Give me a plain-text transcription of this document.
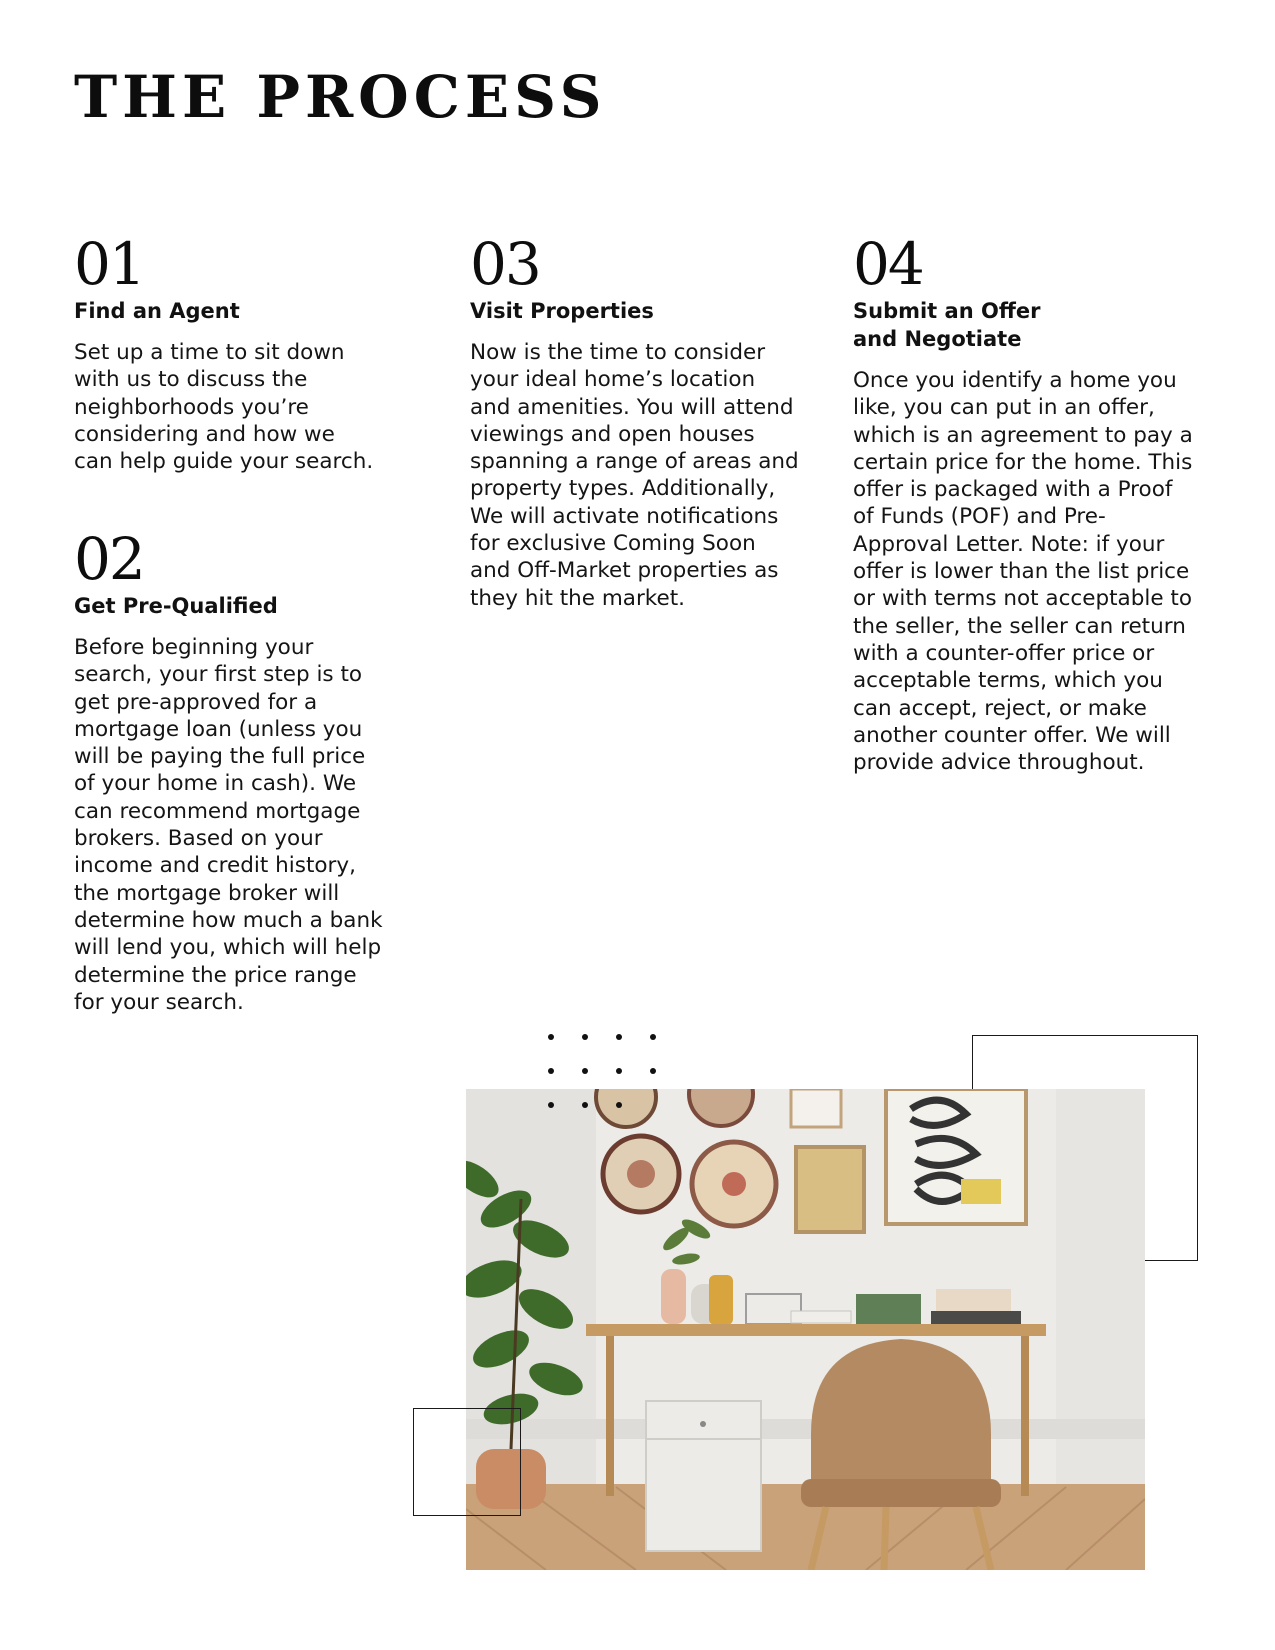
THE PROCESS
01
Find an Agent
Set up a time to sit down with us to discuss the neighborhoods you’re considering and how we can help guide your search.
02
Get Pre-Qualified
Before beginning your search, your first step is to get pre-approved for a mortgage loan (unless you will be paying the full price of your home in cash). We can recommend mortgage brokers. Based on your income and credit history, the mortgage broker will determine how much a bank will lend you, which will help determine the price range for your search.
03
Visit Properties
Now is the time to consider your ideal home’s location and amenities. You will attend viewings and open houses spanning a range of areas and property types. Additionally, We will activate notifications for exclusive Coming Soon and Off-Market properties as they hit the market.
04
Submit an Offer
and Negotiate
Once you identify a home you like, you can put in an offer, which is an agreement to pay a certain price for the home. This offer is packaged with a Proof of Funds (POF) and Pre-Approval Letter. Note: if your offer is lower than the list price or with terms not acceptable to the seller, the seller can return with a counter-offer price or acceptable terms, which you can accept, reject, or make another counter offer. We will provide advice throughout.
